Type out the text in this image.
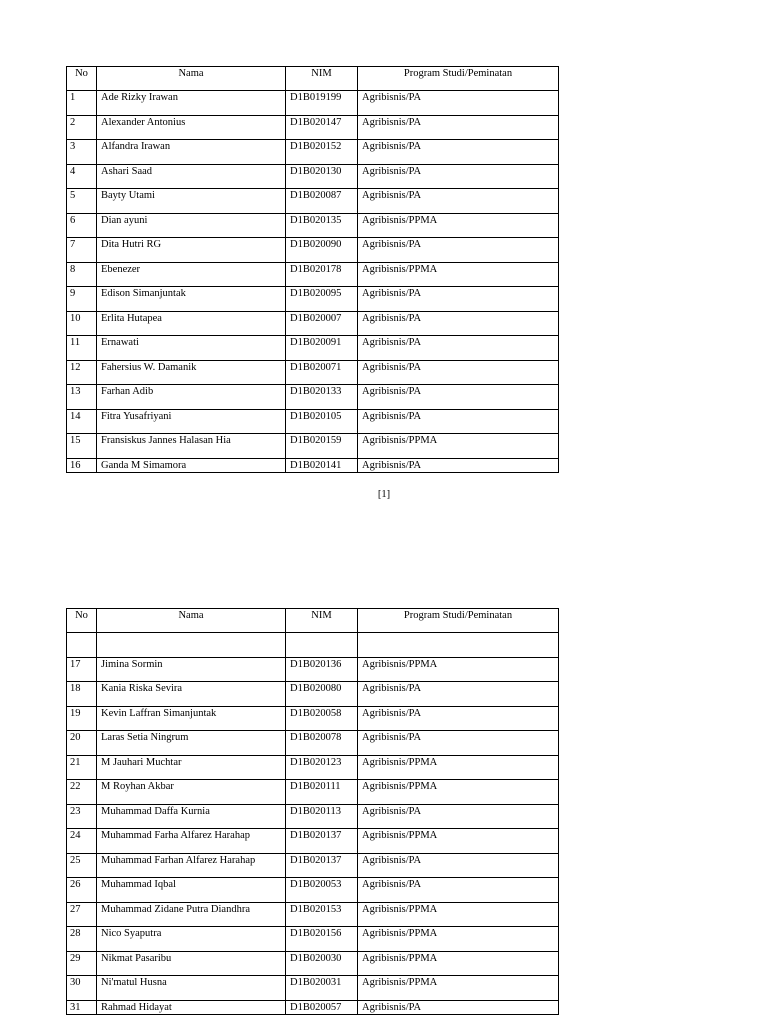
No	Nama	NIM	Program Studi/Peminatan
1	Ade Rizky Irawan	D1B019199	Agribisnis/PA
2	Alexander Antonius	D1B020147	Agribisnis/PA
3	Alfandra Irawan	D1B020152	Agribisnis/PA
4	Ashari Saad	D1B020130	Agribisnis/PA
5	Bayty Utami	D1B020087	Agribisnis/PA
6	Dian ayuni	D1B020135	Agribisnis/PPMA
7	Dita Hutri RG	D1B020090	Agribisnis/PA
8	Ebenezer	D1B020178	Agribisnis/PPMA
9	Edison Simanjuntak	D1B020095	Agribisnis/PA
10	Erlita Hutapea	D1B020007	Agribisnis/PA
11	Ernawati	D1B020091	Agribisnis/PA
12	Fahersius W. Damanik	D1B020071	Agribisnis/PA
13	Farhan Adib	D1B020133	Agribisnis/PA
14	Fitra Yusafriyani	D1B020105	Agribisnis/PA
15	Fransiskus Jannes Halasan Hia	D1B020159	Agribisnis/PPMA
16	Ganda M Simamora	D1B020141	Agribisnis/PA
[1]
No	Nama	NIM	Program Studi/Peminatan

17	Jimina Sormin	D1B020136	Agribisnis/PPMA
18	Kania Riska Sevira	D1B020080	Agribisnis/PA
19	Kevin Laffran Simanjuntak	D1B020058	Agribisnis/PA
20	Laras Setia Ningrum	D1B020078	Agribisnis/PA
21	M Jauhari Muchtar	D1B020123	Agribisnis/PPMA
22	M Royhan Akbar	D1B020111	Agribisnis/PPMA
23	Muhammad Daffa Kurnia	D1B020113	Agribisnis/PA
24	Muhammad Farha Alfarez Harahap	D1B020137	Agribisnis/PPMA
25	Muhammad Farhan Alfarez Harahap	D1B020137	Agribisnis/PA
26	Muhammad Iqbal	D1B020053	Agribisnis/PA
27	Muhammad Zidane Putra Diandhra	D1B020153	Agribisnis/PPMA
28	Nico Syaputra	D1B020156	Agribisnis/PPMA
29	Nikmat Pasaribu	D1B020030	Agribisnis/PPMA
30	Ni'matul Husna	D1B020031	Agribisnis/PPMA
31	Rahmad Hidayat	D1B020057	Agribisnis/PA
